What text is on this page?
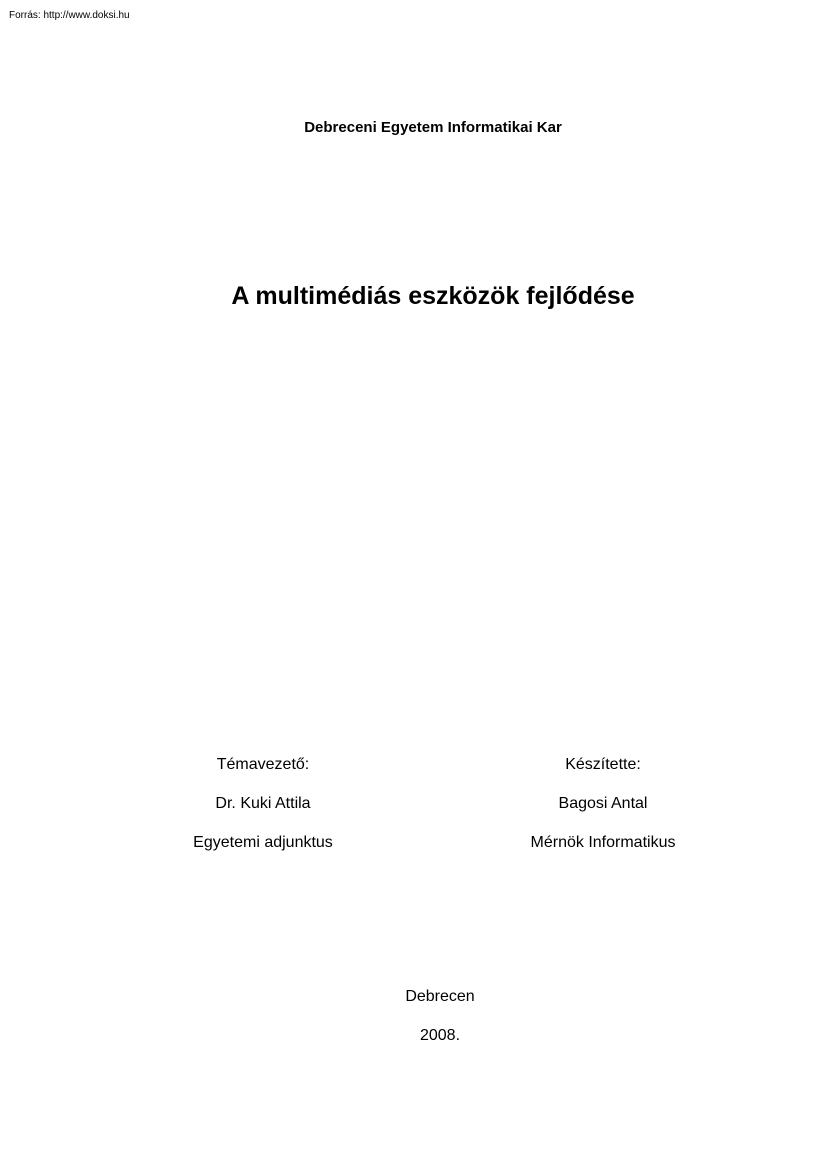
Forrás: http://www.doksi.hu
Debreceni Egyetem Informatikai Kar
A multimédiás eszközök fejlődése
Témavezető:
Dr. Kuki Attila
Egyetemi adjunktus
Készítette:
Bagosi Antal
Mérnök Informatikus
Debrecen
2008.
